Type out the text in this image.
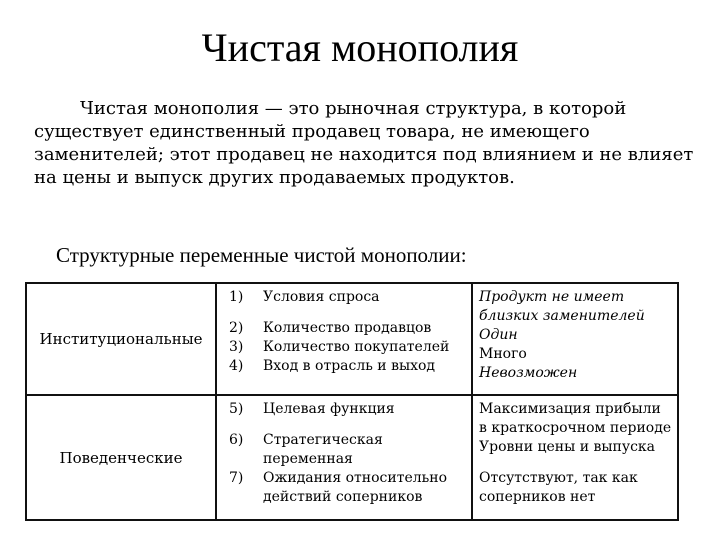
Чистая монополия
Чистая монополия — это рыночная структура, в которой
существует единственный продавец товара, не имеющего
заменителей; этот продавец не находится под влиянием и не влияет
на цены и выпуск других продаваемых продуктов.
Структурные переменные чистой монополии:
Институциональные	1) Условия спроса
2) Количество продавцов
3) Количество покупателей
4) Вход в отрасль и выход	Продукт не имеет
близких заменителей
Один
Много
Невозможен

Поведенческие	5) Целевая функция
6) Стратегическая
переменная
7) Ожидания относительно
действий соперников	Максимизация прибыли
в краткосрочном периоде
Уровни цены и выпуска
Отсутствуют, так как
соперников нет
